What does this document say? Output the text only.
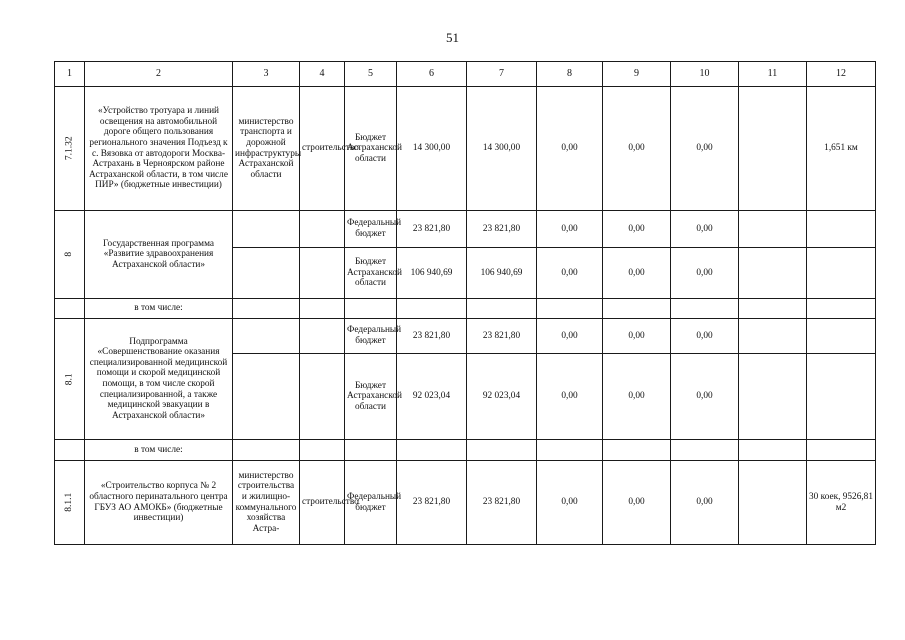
51
1	2	3	4	5	6	7	8	9	10	11	12
7.1.32	«Устройство тротуара и линий освещения на автомобильной дороге общего пользования регионального значения Подъезд к с. Вязовка от автодороги Москва-Астрахань в Черноярском районе Астраханской области, в том числе ПИР» (бюджетные инвестиции)	министерство транспорта и дорожной инфраструктуры Астраханской области	строительство	Бюджет Астраханской области	14 300,00	14 300,00	0,00	0,00	0,00		1,651 км
8	Государственная программа «Развитие здравоохранения Астраханской области»			Федеральный бюджет	23 821,80	23 821,80	0,00	0,00	0,00		
				Бюджет Астраханской области	106 940,69	106 940,69	0,00	0,00	0,00		
	в том числе:										
8.1	Подпрограмма «Совершенствование оказания специализированной медицинской помощи и скорой медицинской помощи, в том числе скорой специализированной, а также медицинской эвакуации в Астраханской области»			Федеральный бюджет	23 821,80	23 821,80	0,00	0,00	0,00		
				Бюджет Астраханской области	92 023,04	92 023,04	0,00	0,00	0,00		
	в том числе:										
8.1.1	«Строительство корпуса № 2 областного перинатального центра ГБУЗ АО АМОКБ» (бюджетные инвестиции)	министерство строительства и жилищно-коммунального хозяйства Астра-	строительство	Федеральный бюджет	23 821,80	23 821,80	0,00	0,00	0,00		30 коек, 9526,81 м2
